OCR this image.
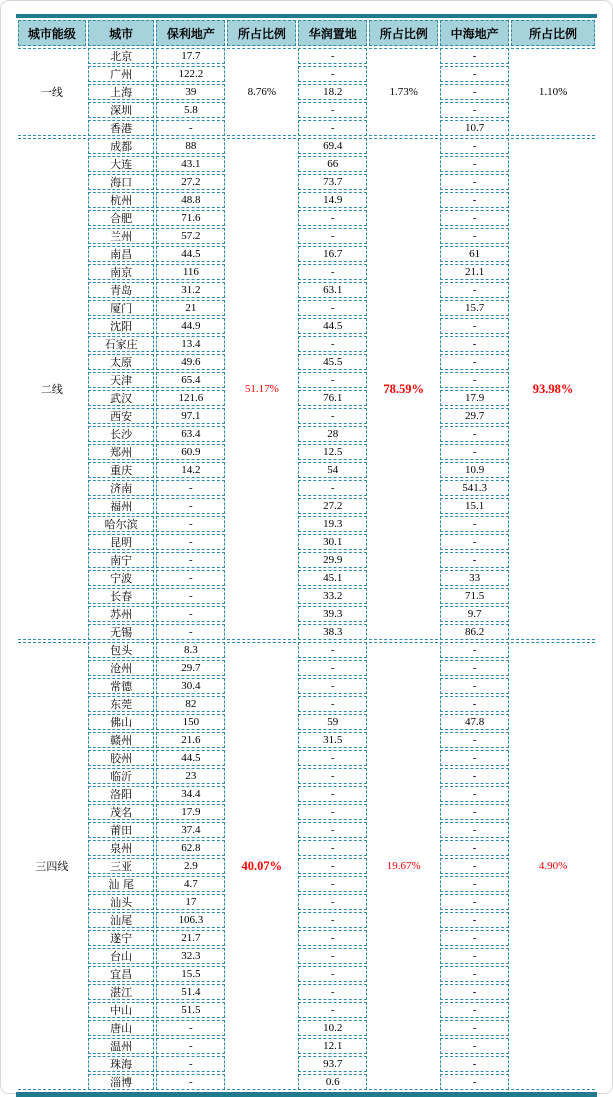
城市能级	城市	保利地产	所占比例	华润置地	所占比例	中海地产	所占比例
一线	北京	17.7	8.76%	-	1.73%	-	1.10%
	广州	122.2		-		-	
	上海	39		18.2		-	
	深圳	5.8		-		-	
	香港	-		-		10.7	
二线	成都	88	51.17%	69.4	78.59%	-	93.98%
	大连	43.1		66		-	
	海口	27.2		73.7		-	
	杭州	48.8		14.9		-	
	合肥	71.6		-		-	
	兰州	57.2		-		-	
	南昌	44.5		16.7		61	
	南京	116		-		21.1	
	青岛	31.2		63.1		-	
	厦门	21		-		15.7	
	沈阳	44.9		44.5		-	
	石家庄	13.4		-		-	
	太原	49.6		45.5		-	
	天津	65.4		-		-	
	武汉	121.6		76.1		17.9	
	西安	97.1		-		29.7	
	长沙	63.4		28		-	
	郑州	60.9		12.5		-	
	重庆	14.2		54		10.9	
	济南	-		-		541.3	
	福州	-		27.2		15.1	
	哈尔滨	-		19.3		-	
	昆明	-		30.1		-	
	南宁	-		29.9		-	
	宁波	-		45.1		33	
	长春	-		33.2		71.5	
	苏州	-		39.3		9.7	
	无锡	-		38.3		86.2	
三四线	包头	8.3	40.07%	-	19.67%	-	4.90%
	沧州	29.7		-		-	
	常德	30.4		-		-	
	东莞	82		-		-	
	佛山	150		59		47.8	
	赣州	21.6		31.5		-	
	胶州	44.5		-		-	
	临沂	23		-		-	
	洛阳	34.4		-		-	
	茂名	17.9		-		-	
	莆田	37.4		-		-	
	泉州	62.8		-		-	
	三亚	2.9		-		-	
	汕 尾	4.7		-		-	
	汕头	17		-		-	
	汕尾	106.3		-		-	
	遂宁	21.7		-		-	
	台山	32.3		-		-	
	宜昌	15.5		-		-	
	湛江	51.4		-		-	
	中山	51.5		-		-	
	唐山	-		10.2		-	
	温州	-		12.1		-	
	珠海	-		93.7		-	
	淄博	-		0.6		-	
